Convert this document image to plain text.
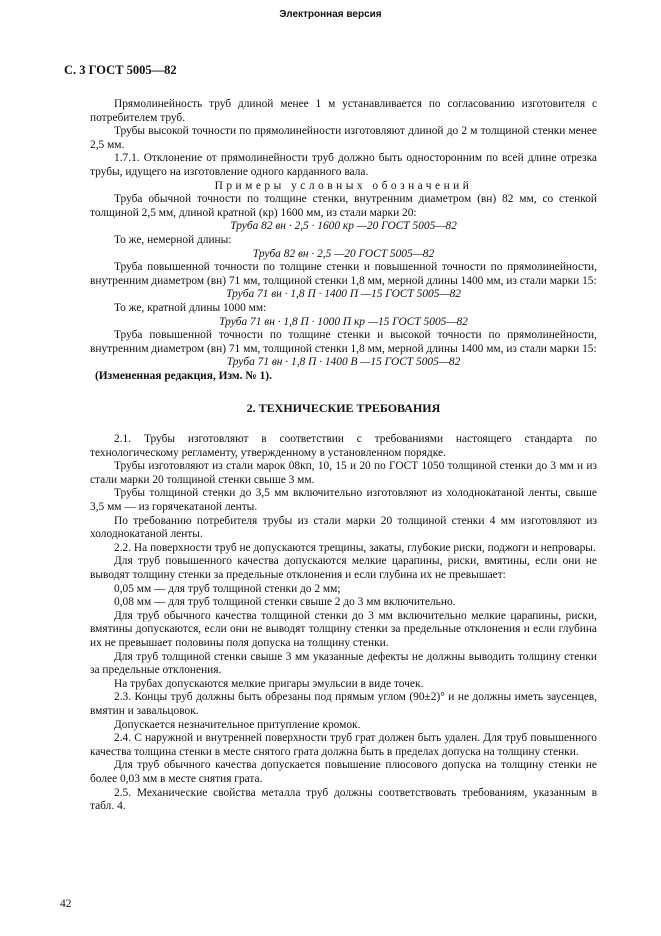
Электронная версия
С. 3 ГОСТ 5005—82

Прямолинейность труб длиной менее 1 м устанавливается по согласованию изготовителя с потребителем труб.

Трубы высокой точности по прямолинейности изготовляют длиной до 2 м толщиной стенки менее 2,5 мм.

1.7.1. Отклонение от прямолинейности труб должно быть односторонним по всей длине отрезка трубы, идущего на изготовление одного карданного вала.

Примеры условных обозначений

Труба обычной точности по толщине стенки, внутренним диаметром (вн) 82 мм, со стенкой толщиной 2,5 мм, длиной кратной (кр) 1600 мм, из стали марки 20:

Труба 82 вн · 2,5 · 1600 кр —20 ГОСТ 5005—82

То же, немерной длины:

Труба 82 вн · 2,5 —20 ГОСТ 5005—82

Труба повышенной точности по толщине стенки и повышенной точности по прямолинейности, внутренним диаметром (вн) 71 мм, толщиной стенки 1,8 мм, мерной длины 1400 мм, из стали марки 15:

Труба 71 вн · 1,8 П · 1400 П —15 ГОСТ 5005—82

То же, кратной длины 1000 мм:

Труба 71 вн · 1,8 П · 1000 П кр —15 ГОСТ 5005—82

Труба повышенной точности по толщине стенки и высокой точности по прямолинейности, внутренним диаметром (вн) 71 мм, толщиной стенки 1,8 мм, мерной длины 1400 мм, из стали марки 15:

Труба 71 вн · 1,8 П · 1400 В —15 ГОСТ 5005—82

(Измененная редакция, Изм. № 1).

2. ТЕХНИЧЕСКИЕ ТРЕБОВАНИЯ

2.1. Трубы изготовляют в соответствии с требованиями настоящего стандарта по технологическому регламенту, утвержденному в установленном порядке.

Трубы изготовляют из стали марок 08кп, 10, 15 и 20 по ГОСТ 1050 толщиной стенки до 3 мм и из стали марки 20 толщиной стенки свыше 3 мм.

Трубы толщиной стенки до 3,5 мм включительно изготовляют из холоднокатаной ленты, свыше 3,5 мм — из горячекатаной ленты.

По требованию потребителя трубы из стали марки 20 толщиной стенки 4 мм изготовляют из холоднокатаной ленты.

2.2. На поверхности труб не допускаются трещины, закаты, глубокие риски, поджоги и непровары.

Для труб повышенного качества допускаются мелкие царапины, риски, вмятины, если они не выводят толщину стенки за предельные отклонения и если глубина их не превышает:

0,05 мм — для труб толщиной стенки до 2 мм;

0,08 мм — для труб толщиной стенки свыше 2 до 3 мм включительно.

Для труб обычного качества толщиной стенки до 3 мм включительно мелкие царапины, риски, вмятины допускаются, если они не выводят толщину стенки за предельные отклонения и если глубина их не превышает половины поля допуска на толщину стенки.

Для труб толщиной стенки свыше 3 мм указанные дефекты не должны выводить толщину стенки за предельные отклонения.

На трубах допускаются мелкие пригары эмульсии в виде точек.

2.3. Концы труб должны быть обрезаны под прямым углом (90±2)° и не должны иметь заусенцев, вмятин и завальцовок.

Допускается незначительное притупление кромок.

2.4. С наружной и внутренней поверхности труб грат должен быть удален. Для труб повышенного качества толщина стенки в месте снятого грата должна быть в пределах допуска на толщину стенки.

Для труб обычного качества допускается повышение плюсового допуска на толщину стенки не более 0,03 мм в месте снятия грата.

2.5. Механические свойства металла труб должны соответствовать требованиям, указанным в табл. 4.

42
